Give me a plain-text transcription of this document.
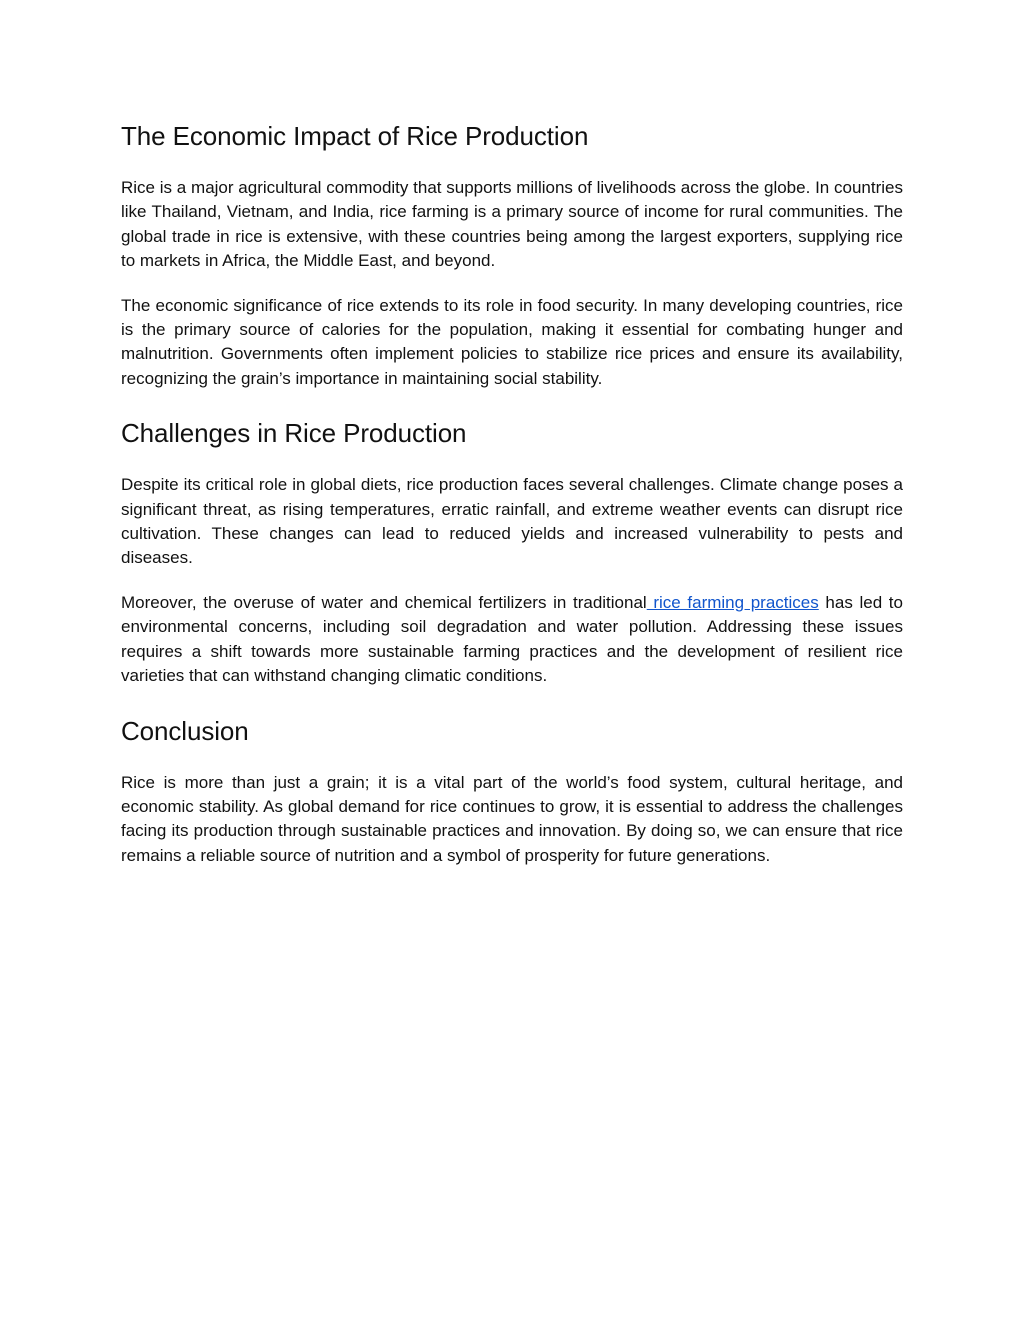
The Economic Impact of Rice Production

Rice is a major agricultural commodity that supports millions of livelihoods across the globe. In countries like Thailand, Vietnam, and India, rice farming is a primary source of income for rural communities. The global trade in rice is extensive, with these countries being among the largest exporters, supplying rice to markets in Africa, the Middle East, and beyond.

The economic significance of rice extends to its role in food security. In many developing countries, rice is the primary source of calories for the population, making it essential for combating hunger and malnutrition. Governments often implement policies to stabilize rice prices and ensure its availability, recognizing the grain’s importance in maintaining social stability.

Challenges in Rice Production

Despite its critical role in global diets, rice production faces several challenges. Climate change poses a significant threat, as rising temperatures, erratic rainfall, and extreme weather events can disrupt rice cultivation. These changes can lead to reduced yields and increased vulnerability to pests and diseases.

Moreover, the overuse of water and chemical fertilizers in traditional rice farming practices has led to environmental concerns, including soil degradation and water pollution. Addressing these issues requires a shift towards more sustainable farming practices and the development of resilient rice varieties that can withstand changing climatic conditions.

Conclusion

Rice is more than just a grain; it is a vital part of the world’s food system, cultural heritage, and economic stability. As global demand for rice continues to grow, it is essential to address the challenges facing its production through sustainable practices and innovation. By doing so, we can ensure that rice remains a reliable source of nutrition and a symbol of prosperity for future generations.
